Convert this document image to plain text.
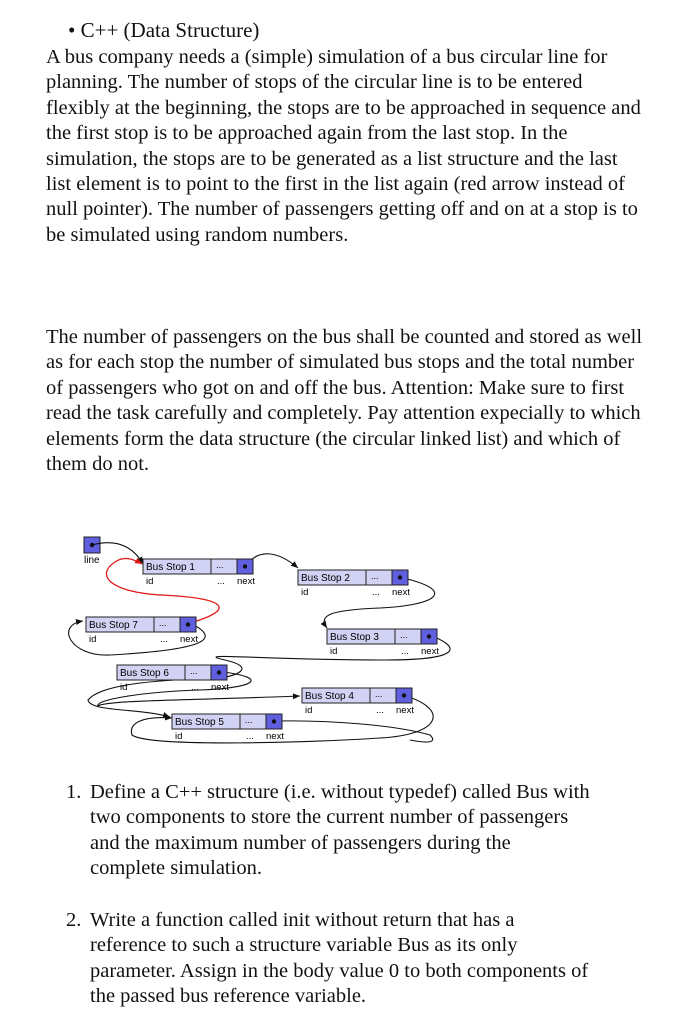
• C++ (Data Structure)

A bus company needs a (simple) simulation of a bus circular line for planning. The number of stops of the circular line is to be entered flexibly at the beginning, the stops are to be approached in sequence and the first stop is to be approached again from the last stop. In the simulation, the stops are to be generated as a list structure and the last list element is to point to the first in the list again (red arrow instead of null pointer). The number of passengers getting off and on at a stop is to be simulated using random numbers.

The number of passengers on the bus shall be counted and stored as well as for each stop the number of simulated bus stops and the total number of passengers who got on and off the bus. Attention: Make sure to first read the task carefully and completely. Pay attention expecially to which elements form the data structure (the circular linked list) and which of them do not.

line
Bus Stop 1 ...
id	... next	Bus Stop 2 ...
id	... next
Bus Stop 3 ...
id	... next
Bus Stop 4 ...
id	... next
Bus Stop 5 ...
id	... next
Bus Stop 6 ...
id	... next
Bus Stop 7 ...
id	... next
1. Define a C++ structure (i.e. without typedef) called Bus with two components to store the current number of passengers and the maximum number of passengers during the complete simulation.
2. Write a function called init without return that has a reference to such a structure variable Bus as its only parameter. Assign in the body value 0 to both components of the passed bus reference variable.
